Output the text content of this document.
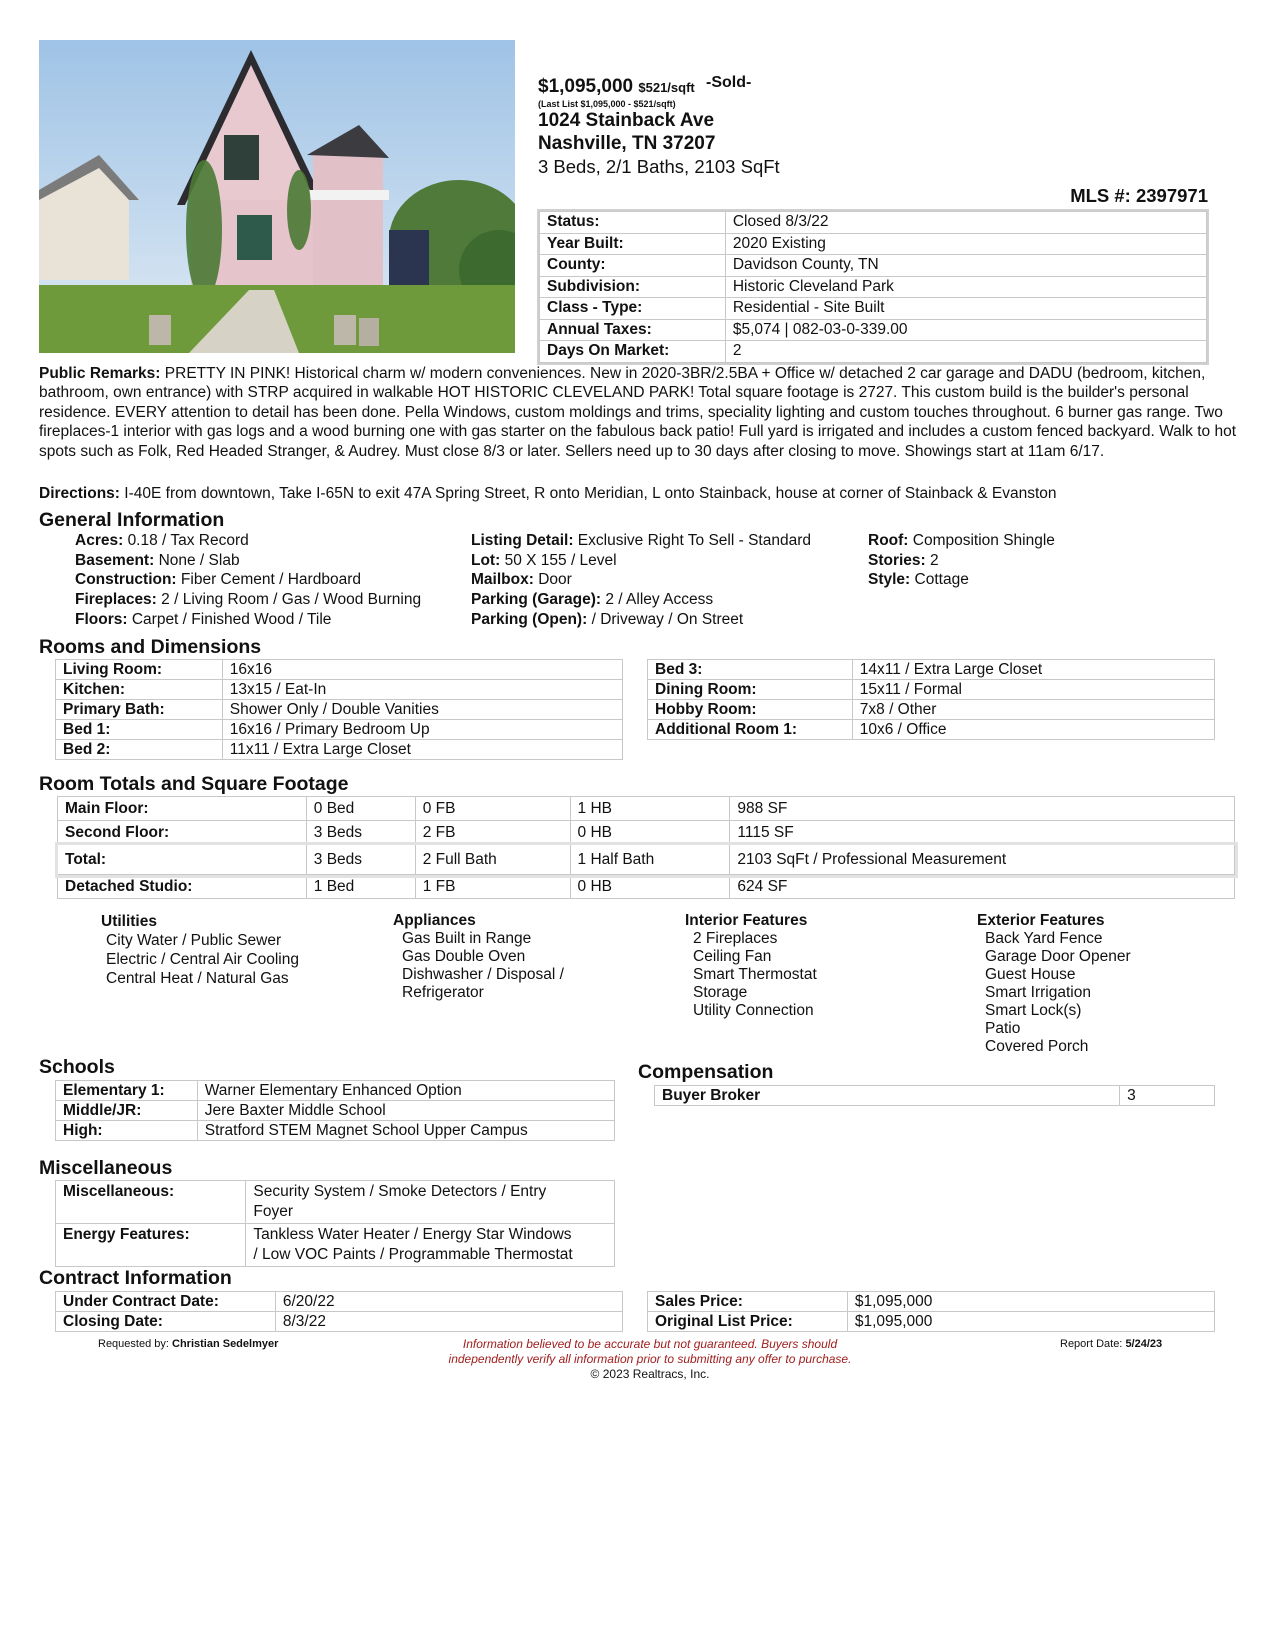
$1,095,000 $521/sqft $^{-Sold-}$
(Last List $1,095,000 - $521/sqft)
1024 Stainback Ave
Nashville, TN 37207
3 Beds, 2/1 Baths, 2103 SqFt
MLS #: 2397971
Status:	Closed 8/3/22
Year Built:	2020 Existing
County:	Davidson County, TN
Subdivision:	Historic Cleveland Park
Class - Type:	Residential - Site Built
Annual Taxes:	$5,074 | 082-03-0-339.00
Days On Market:	2
Public Remarks: PRETTY IN PINK! Historical charm w/ modern conveniences. New in 2020-3BR/2.5BA + Office w/ detached 2 car garage and DADU (bedroom, kitchen, bathroom, own entrance) with STRP acquired in walkable HOT HISTORIC CLEVELAND PARK! Total square footage is 2727. This custom build is the builder's personal residence. EVERY attention to detail has been done. Pella Windows, custom moldings and trims, speciality lighting and custom touches throughout. 6 burner gas range. Two fireplaces-1 interior with gas logs and a wood burning one with gas starter on the fabulous back patio! Full yard is irrigated and includes a custom fenced backyard. Walk to hot spots such as Folk, Red Headed Stranger, & Audrey. Must close 8/3 or later. Sellers need up to 30 days after closing to move. Showings start at 11am 6/17.
Directions: I-40E from downtown, Take I-65N to exit 47A Spring Street, R onto Meridian, L onto Stainback, house at corner of Stainback & Evanston
General Information
Acres: 0.18 / Tax Record
Basement: None / Slab
Construction: Fiber Cement / Hardboard
Fireplaces: 2 / Living Room / Gas / Wood Burning
Floors: Carpet / Finished Wood / Tile
Listing Detail: Exclusive Right To Sell - Standard
Lot: 50 X 155 / Level
Mailbox: Door
Parking (Garage): 2 / Alley Access
Parking (Open): / Driveway / On Street
Roof: Composition Shingle
Stories: 2
Style: Cottage
Rooms and Dimensions
Living Room:	16x16
Kitchen:	13x15 / Eat-In
Primary Bath:	Shower Only / Double Vanities
Bed 1:	16x16 / Primary Bedroom Up
Bed 2:	11x11 / Extra Large Closet
Bed 3:	14x11 / Extra Large Closet
Dining Room:	15x11 / Formal
Hobby Room:	7x8 / Other
Additional Room 1:	10x6 / Office
Room Totals and Square Footage
Main Floor:	0 Bed	0 FB	1 HB	988 SF
Second Floor:	3 Beds	2 FB	0 HB	1115 SF
Total:	3 Beds	2 Full Bath	1 Half Bath	2103 SqFt / Professional Measurement
Detached Studio:	1 Bed	1 FB	0 HB	624 SF
Utilities
City Water / Public Sewer
Electric / Central Air Cooling
Central Heat / Natural Gas
Appliances
Gas Built in Range
Gas Double Oven
Dishwasher / Disposal /
Refrigerator
Interior Features
2 Fireplaces
Ceiling Fan
Smart Thermostat
Storage
Utility Connection
Exterior Features
Back Yard Fence
Garage Door Opener
Guest House
Smart Irrigation
Smart Lock(s)
Patio
Covered Porch
Schools
Elementary 1:	Warner Elementary Enhanced Option
Middle/JR:	Jere Baxter Middle School
High:	Stratford STEM Magnet School Upper Campus
Compensation
Buyer Broker	3
Miscellaneous
Miscellaneous:	Security System / Smoke Detectors / Entry
Foyer

Energy Features:	Tankless Water Heater / Energy Star Windows
/ Low VOC Paints / Programmable Thermostat
Contract Information
Under Contract Date:	6/20/22
Closing Date:	8/3/22
Sales Price:	$1,095,000
Original List Price:	$1,095,000
Requested by: Christian Sedelmyer	Information believed to be accurate but not guaranteed. Buyers should
independently verify all information prior to submitting any offer to purchase.
© 2023 Realtracs, Inc.
Report Date: 5/24/23
